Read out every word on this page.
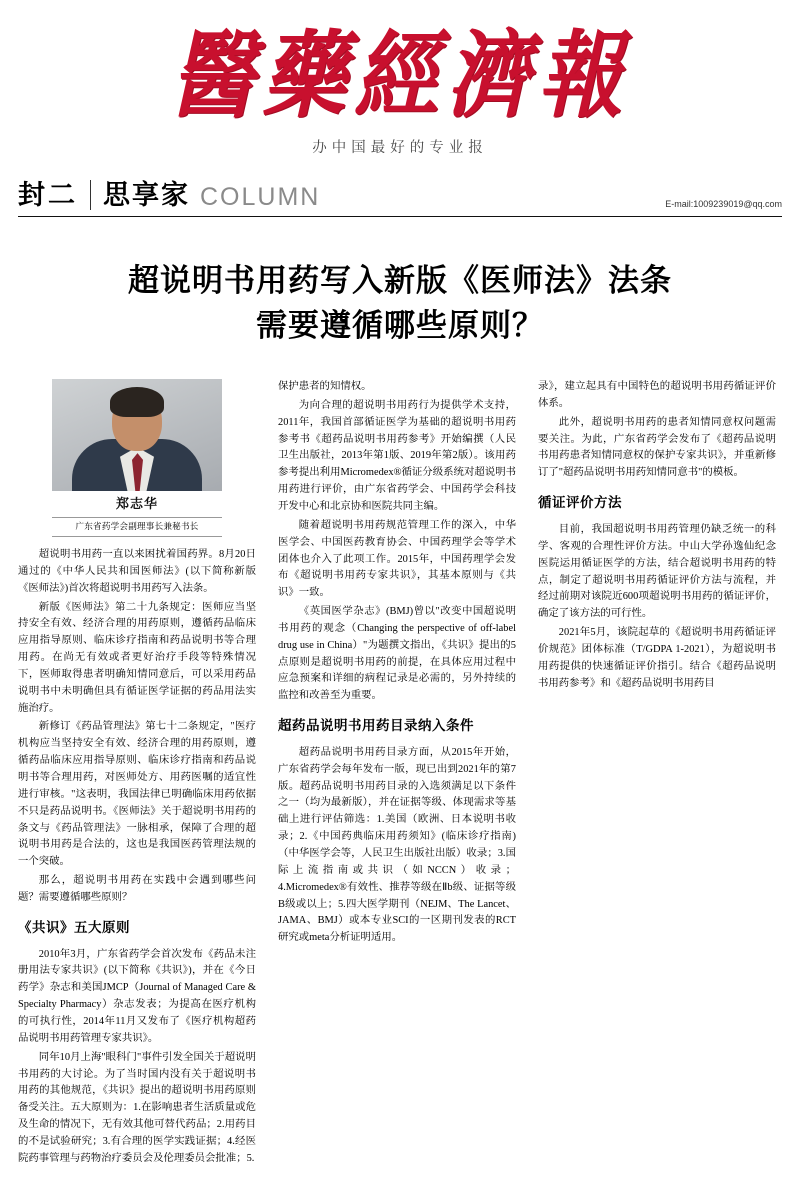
醫藥經濟報
办中国最好的专业报
封二 思享家 COLUMN	E-mail:1009239019@qq.com
超说明书用药写入新版《医师法》法条
需要遵循哪些原则？
郑志华
广东省药学会副理事长兼秘书长

超说明书用药一直以来困扰着国药界。8月20日通过的《中华人民共和国医师法》(以下简称新版《医师法》)首次将超说明书用药写入法条。

新版《医师法》第二十九条规定：医师应当坚持安全有效、经济合理的用药原则，遵循药品临床应用指导原则、临床诊疗指南和药品说明书等合理用药。在尚无有效或者更好治疗手段等特殊情况下，医师取得患者明确知情同意后，可以采用药品说明书中未明确但具有循证医学证据的药品用法实施治疗。

新修订《药品管理法》第七十二条规定，"医疗机构应当坚持安全有效、经济合理的用药原则，遵循药品临床应用指导原则、临床诊疗指南和药品说明书等合理用药，对医师处方、用药医嘱的适宜性进行审核。"这表明，我国法律已明确临床用药依据不只是药品说明书。《医师法》关于超说明书用药的条文与《药品管理法》一脉相承，保障了合理的超说明书用药是合法的，这也是我国医药管理法规的一个突破。

那么，超说明书用药在实践中会遇到哪些问题？需要遵循哪些原则？

《共识》五大原则

2010年3月，广东省药学会首次发布《药品未注册用法专家共识》(以下简称《共识》)，并在《今日药学》杂志和美国JMCP（Journal of Managed Care & Specialty Pharmacy）杂志发表；为提高在医疗机构的可执行性，2014年11月又发布了《医疗机构超药品说明书用药管理专家共识》。

同年10月上海"眼科门"事件引发全国关于超说明书用药的大讨论。为了当时国内没有关于超说明书用药的其他规范，《共识》提出的超说明书用药原则备受关注。五大原则为：1.在影响患者生活质量或危及生命的情况下，无有效其他可替代药品；2.用药目的不是试验研究；3.有合理的医学实践证据；4.经医院药事管理与药物治疗委员会及伦理委员会批准；5.

保护患者的知情权。

为向合理的超说明书用药行为提供学术支持，2011年，我国首部循证医学为基础的超说明书用药参考书《超药品说明书用药参考》开始编撰（人民卫生出版社，2013年第1版、2019年第2版）。该用药参考提出利用Micromedex®循证分级系统对超说明书用药进行评价，由广东省药学会、中国药学会科技开发中心和北京协和医院共同主编。

随着超说明书用药规范管理工作的深入，中华医学会、中国医药教育协会、中国药理学会等学术团体也介入了此项工作。2015年，中国药理学会发布《超说明书用药专家共识》，其基本原则与《共识》一致。

《英国医学杂志》(BMJ)曾以"改变中国超说明书用药的观念（Changing the perspective of off-label drug use in China）"为题撰文指出，《共识》提出的5点原则是超说明书用药的前提，在具体应用过程中应急预案和详细的病程记录是必需的，另外持续的监控和改善至为重要。

超药品说明书用药目录纳入条件

超药品说明书用药目录方面，从2015年开始，广东省药学会每年发布一版，现已出到2021年的第7版。超药品说明书用药目录的入选须满足以下条件之一（均为最新版），并在证据等级、体现需求等基础上进行评估筛选：1.美国（欧洲、日本说明书收录；2.《中国药典临床用药须知》(临床诊疗指南)（中华医学会等，人民卫生出版社出版）收录；3.国际上流指南或共识（如NCCN）收录；4.Micromedex®有效性、推荐等级在Ⅱb级、证据等级B级或以上；5.四大医学期刊（NEJM、The Lancet、JAMA、BMJ）或本专业SCI的一区期刊发表的RCT研究或meta分析证明适用。

录》，建立起具有中国特色的超说明书用药循证评价体系。

此外，超说明书用药的患者知情同意权问题需要关注。为此，广东省药学会发布了《超药品说明书用药患者知情同意权的保护专家共识》，并重新修订了"超药品说明书用药知情同意书"的模板。

循证评价方法

目前，我国超说明书用药管理仍缺乏统一的科学、客观的合理性评价方法。中山大学孙逸仙纪念医院运用循证医学的方法，结合超说明书用药的特点，制定了超说明书用药循证评价方法与流程，并经过前期对该院近600项超说明书用药的循证评价，确定了该方法的可行性。

2021年5月，该院起草的《超说明书用药循证评价规范》团体标准（T/GDPA 1-2021），为超说明书用药提供的快速循证评价指引。结合《超药品说明书用药参考》和《超药品说明书用药目
